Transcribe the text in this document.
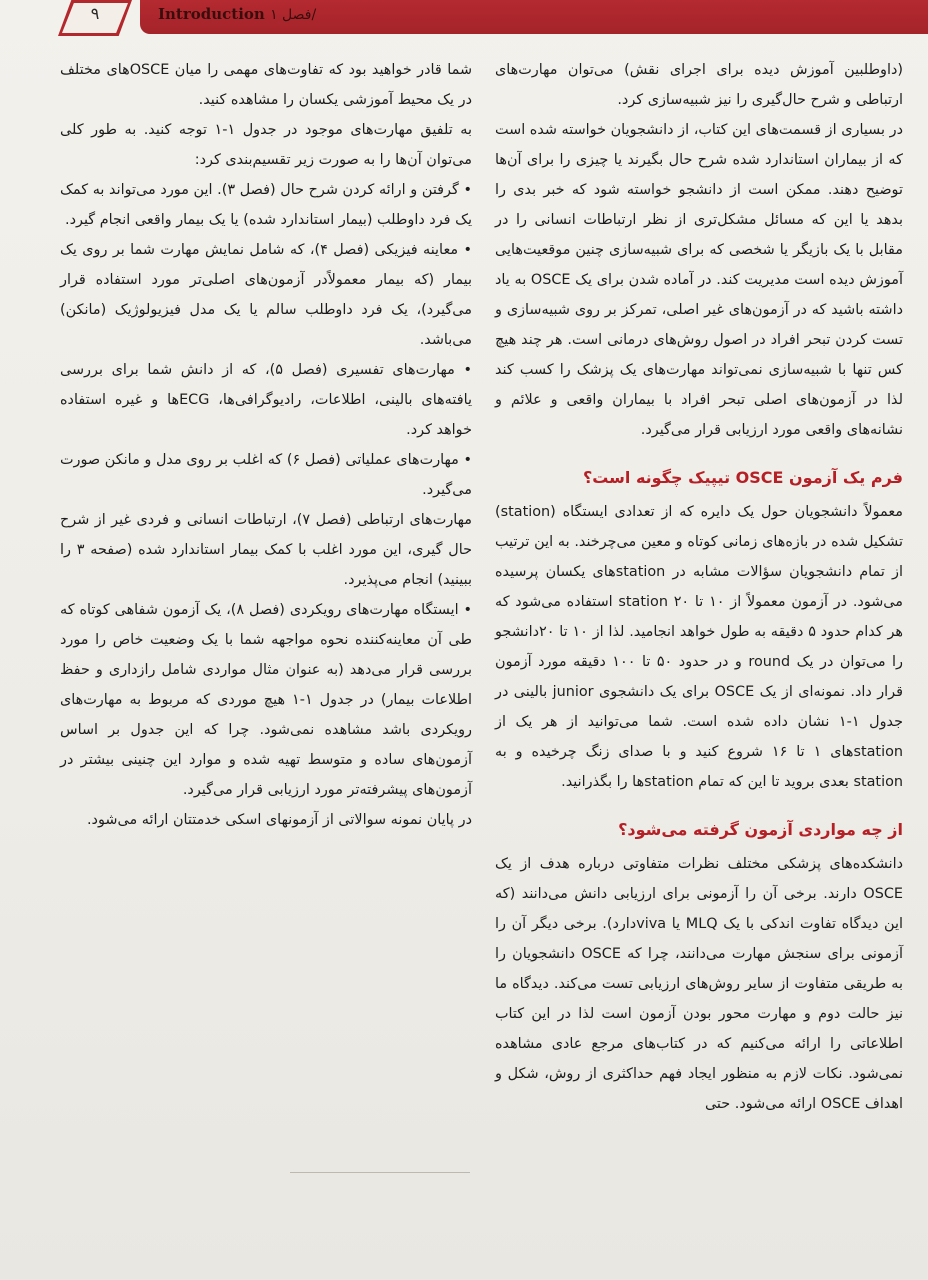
۹	Introduction فصل ۱/

(داوطلبین آموزش دیده برای اجرای نقش) می‌توان مهارت‌های ارتباطی و شرح حال‌گیری را نیز شبیه‌سازی کرد.

در بسیاری از قسمت‌های این کتاب، از دانشجویان خواسته شده است که از بیماران استاندارد شده شرح حال بگیرند یا چیزی را برای آن‌ها توضیح دهند. ممکن است از دانشجو خواسته شود که خبر بدی را بدهد یا این که مسائل مشکل‌تری از نظر ارتباطات انسانی را در مقابل با یک بازیگر یا شخصی که برای شبیه‌سازی چنین موقعیت‌هایی آموزش دیده است مدیریت کند. در آماده شدن برای یک OSCE به یاد داشته باشید که در آزمون‌های غیر اصلی، تمرکز بر روی شبیه‌سازی و تست کردن تبحر افراد در اصول روش‌های درمانی است. هر چند هیچ کس تنها با شبیه‌سازی نمی‌تواند مهارت‌های یک پزشک را کسب کند لذا در آزمون‌های اصلی تبحر افراد با بیماران واقعی و علائم و نشانه‌های واقعی مورد ارزیابی قرار می‌گیرد.

فرم یک آزمون OSCE تیپیک چگونه است؟

معمولاً دانشجویان حول یک دایره که از تعدادی ایستگاه (station) تشکیل شده در بازه‌های زمانی کوتاه و معین می‌چرخند. به این ترتیب از تمام دانشجویان سؤالات مشابه در stationهای یکسان پرسیده می‌شود. در آزمون معمولاً از ۱۰ تا ۲۰ station استفاده می‌شود که هر کدام حدود ۵ دقیقه به طول خواهد انجامید. لذا از ۱۰ تا ۲۰دانشجو را می‌توان در یک round و در حدود ۵۰ تا ۱۰۰ دقیقه مورد آزمون قرار داد. نمونه‌ای از یک OSCE برای یک دانشجوی junior بالینی در جدول ۱-۱ نشان داده شده است. شما می‌توانید از هر یک از stationهای ۱ تا ۱۶ شروع کنید و با صدای زنگ چرخیده و به station بعدی بروید تا این که تمام stationها را بگذرانید.

از چه مواردی آزمون گرفته می‌شود؟

دانشکده‌های پزشکی مختلف نظرات متفاوتی درباره هدف از یک OSCE دارند. برخی آن را آزمونی برای ارزیابی دانش می‌دانند (که این دیدگاه تفاوت اندکی با یک MLQ یا vivaدارد). برخی دیگر آن را آزمونی برای سنجش مهارت می‌دانند، چرا که OSCE دانشجویان را به طریقی متفاوت از سایر روش‌های ارزیابی تست می‌کند. دیدگاه ما نیز حالت دوم و مهارت محور بودن آزمون است لذا در این کتاب اطلاعاتی را ارائه می‌کنیم که در کتاب‌های مرجع عادی مشاهده نمی‌شود. نکات لازم به منظور ایجاد فهم حداکثری از روش، شکل و اهداف OSCE ارائه می‌شود. حتی

شما قادر خواهید بود که تفاوت‌های مهمی را میان OSCEهای مختلف در یک محیط آموزشی یکسان را مشاهده کنید.

به تلفیق مهارت‌های موجود در جدول ۱-۱ توجه کنید. به طور کلی می‌توان آن‌ها را به صورت زیر تقسیم‌بندی کرد:

• گرفتن و ارائه کردن شرح حال (فصل ۳). این مورد می‌تواند به کمک یک فرد داوطلب (بیمار استاندارد شده) یا یک بیمار واقعی انجام گیرد.

• معاینه فیزیکی (فصل ۴)، که شامل نمایش مهارت شما بر روی یک بیمار (که بیمار معمولاًدر آزمون‌های اصلی‌تر مورد استفاده قرار می‌گیرد)، یک فرد داوطلب سالم یا یک مدل فیزیولوژیک (مانکن) می‌باشد.

• مهارت‌های تفسیری (فصل ۵)، که از دانش شما برای بررسی یافته‌های بالینی، اطلاعات، رادیوگرافی‌ها، ECGها و غیره استفاده خواهد کرد.

• مهارت‌های عملیاتی (فصل ۶) که اغلب بر روی مدل و مانکن صورت می‌گیرد.

مهارت‌های ارتباطی (فصل ۷)، ارتباطات انسانی و فردی غیر از شرح حال گیری، این مورد اغلب با کمک بیمار استاندارد شده (صفحه ۳ را ببینید) انجام می‌پذیرد.

• ایستگاه مهارت‌های رویکردی (فصل ۸)، یک آزمون شفاهی کوتاه که طی آن معاینه‌کننده نحوه مواجهه شما با یک وضعیت خاص را مورد بررسی قرار می‌دهد (به عنوان مثال مواردی شامل رازداری و حفظ اطلاعات بیمار) در جدول ۱-۱ هیچ موردی که مربوط به مهارت‌های رویکردی باشد مشاهده نمی‌شود. چرا که این جدول بر اساس آزمون‌های ساده و متوسط تهیه شده و موارد این چنینی بیشتر در آزمون‌های پیشرفته‌تر مورد ارزیابی قرار می‌گیرد.

در پایان نمونه سوالاتی از آزمونهای اسکی خدمتتان ارائه می‌شود.
